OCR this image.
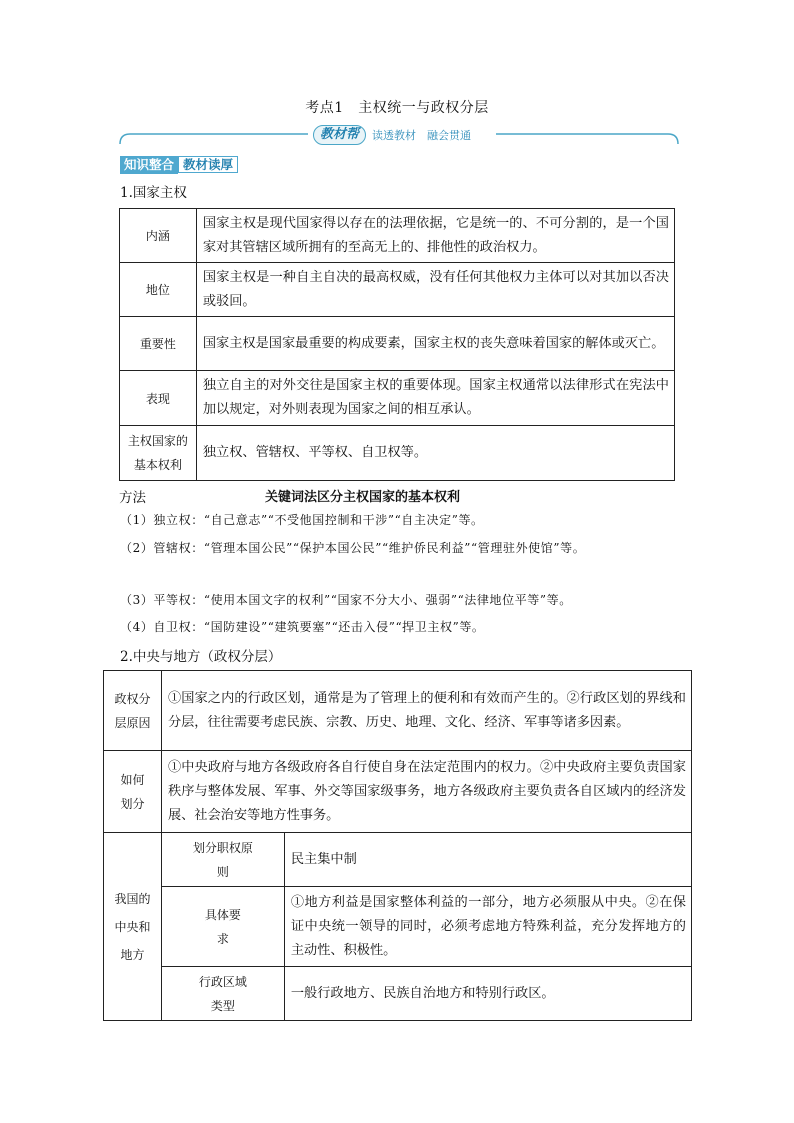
考点1　主权统一与政权分层
教材帮	读透教材　融会贯通
知识整合 教材读厚
1.国家主权
内涵	国家主权是现代国家得以存在的法理依据，它是统一的、不可分割的，是一个国家对其管辖区域所拥有的至高无上的、排他性的政治权力。
地位	国家主权是一种自主自决的最高权威，没有任何其他权力主体可以对其加以否决或驳回。
重要性	国家主权是国家最重要的构成要素，国家主权的丧失意味着国家的解体或灭亡。
表现	独立自主的对外交往是国家主权的重要体现。国家主权通常以法律形式在宪法中加以规定，对外则表现为国家之间的相互承认。
主权国家的基本权利	独立权、管辖权、平等权、自卫权等。
方法	关键词法区分主权国家的基本权利
（1）独立权：“自己意志”“不受他国控制和干涉”“自主决定”等。
（2）管辖权：“管理本国公民”“保护本国公民”“维护侨民利益”“管理驻外使馆”等。
（3）平等权：“使用本国文字的权利”“国家不分大小、强弱”“法律地位平等”等。
（4）自卫权：“国防建设”“建筑要塞”“还击入侵”“捍卫主权”等。
2.中央与地方（政权分层）
政权分层原因	①国家之内的行政区划，通常是为了管理上的便利和有效而产生的。②行政区划的界线和分层，往往需要考虑民族、宗教、历史、地理、文化、经济、军事等诸多因素。	
如何划分	①中央政府与地方各级政府各自行使自身在法定范围内的权力。②中央政府主要负责国家秩序与整体发展、军事、外交等国家级事务，地方各级政府主要负责各自区域内的经济发展、社会治安等地方性事务。	
我国的中央和地方	划分职权原则	民主集中制
	具体要求	①地方利益是国家整体利益的一部分，地方必须服从中央。②在保证中央统一领导的同时，必须考虑地方特殊利益，充分发挥地方的主动性、积极性。
	行政区域类型	一般行政地方、民族自治地方和特别行政区。
